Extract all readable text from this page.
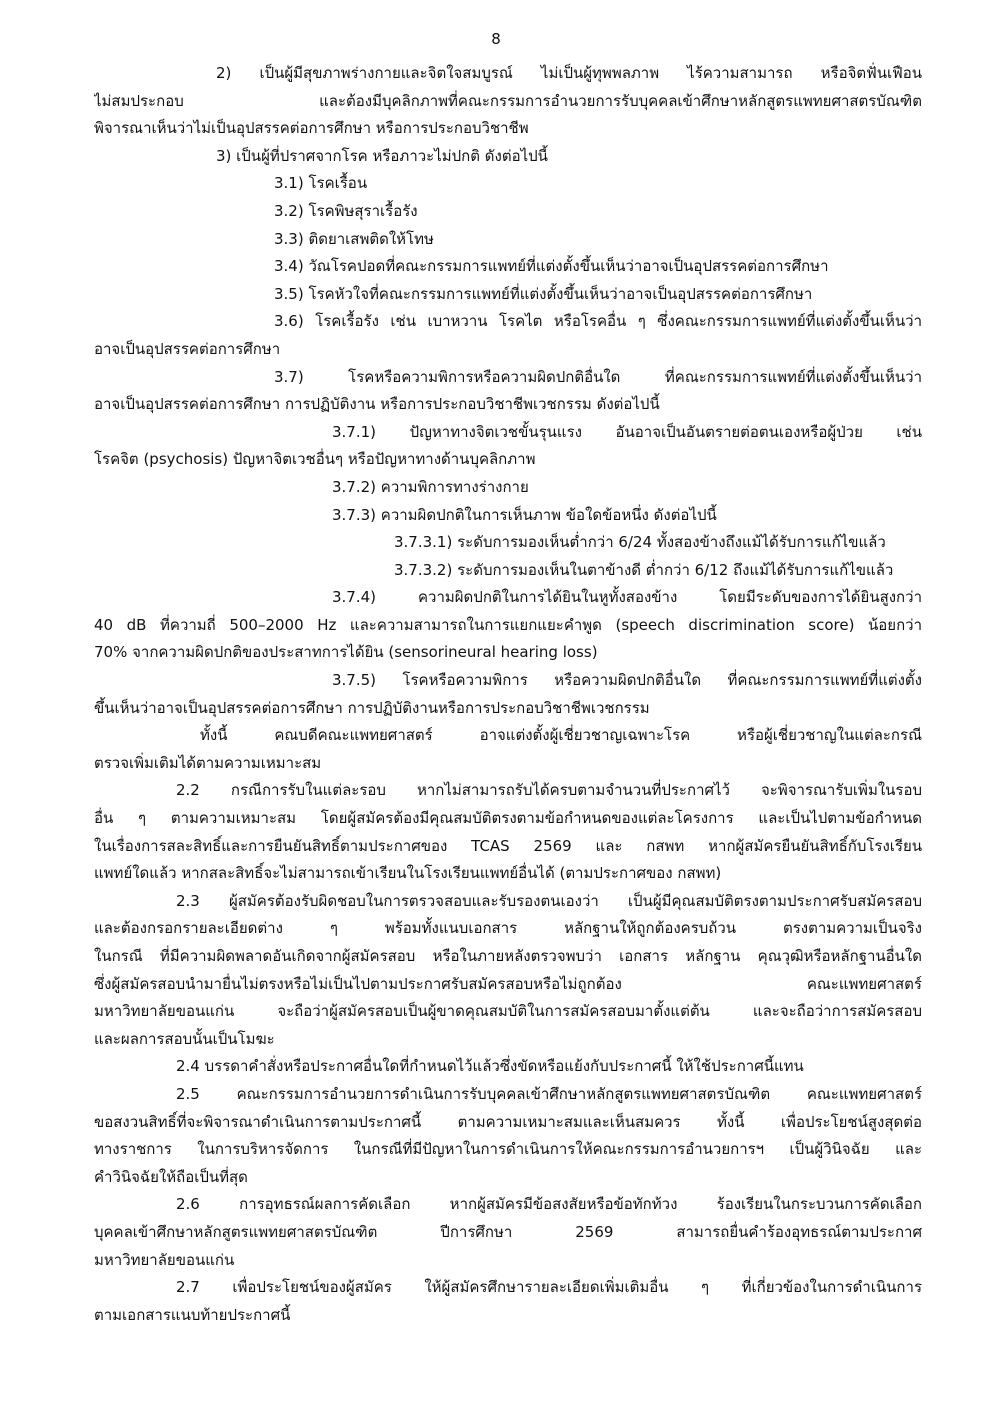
8
2) เป็นผู้มีสุขภาพร่างกายและจิตใจสมบูรณ์ ไม่เป็นผู้ทุพพลภาพ ไร้ความสามารถ หรือจิตฟั่นเฟือน
ไม่สมประกอบ และต้องมีบุคลิกภาพที่คณะกรรมการอำนวยการรับบุคคลเข้าศึกษาหลักสูตรแพทยศาสตรบัณฑิต
พิจารณาเห็นว่าไม่เป็นอุปสรรคต่อการศึกษา หรือการประกอบวิชาชีพ
3) เป็นผู้ที่ปราศจากโรค หรือภาวะไม่ปกติ ดังต่อไปนี้
3.1) โรคเรื้อน
3.2) โรคพิษสุราเรื้อรัง
3.3) ติดยาเสพติดให้โทษ
3.4) วัณโรคปอดที่คณะกรรมการแพทย์ที่แต่งตั้งขึ้นเห็นว่าอาจเป็นอุปสรรคต่อการศึกษา
3.5) โรคหัวใจที่คณะกรรมการแพทย์ที่แต่งตั้งขึ้นเห็นว่าอาจเป็นอุปสรรคต่อการศึกษา
3.6) โรคเรื้อรัง เช่น เบาหวาน โรคไต หรือโรคอื่น ๆ ซึ่งคณะกรรมการแพทย์ที่แต่งตั้งขึ้นเห็นว่า
อาจเป็นอุปสรรคต่อการศึกษา
3.7) โรคหรือความพิการหรือความผิดปกติอื่นใด ที่คณะกรรมการแพทย์ที่แต่งตั้งขึ้นเห็นว่า
อาจเป็นอุปสรรคต่อการศึกษา การปฏิบัติงาน หรือการประกอบวิชาชีพเวชกรรม ดังต่อไปนี้
3.7.1) ปัญหาทางจิตเวชขั้นรุนแรง อันอาจเป็นอันตรายต่อตนเองหรือผู้ป่วย เช่น
โรคจิต (psychosis) ปัญหาจิตเวชอื่นๆ หรือปัญหาทางด้านบุคลิกภาพ
3.7.2) ความพิการทางร่างกาย
3.7.3) ความผิดปกติในการเห็นภาพ ข้อใดข้อหนึ่ง ดังต่อไปนี้
3.7.3.1) ระดับการมองเห็นต่ำกว่า 6/24 ทั้งสองข้างถึงแม้ได้รับการแก้ไขแล้ว
3.7.3.2) ระดับการมองเห็นในตาข้างดี ต่ำกว่า 6/12 ถึงแม้ได้รับการแก้ไขแล้ว
3.7.4) ความผิดปกติในการได้ยินในหูทั้งสองข้าง โดยมีระดับของการได้ยินสูงกว่า
40 dB ที่ความถี่ 500–2000 Hz และความสามารถในการแยกแยะคำพูด (speech discrimination score) น้อยกว่า
70% จากความผิดปกติของประสาทการได้ยิน (sensorineural hearing loss)
3.7.5) โรคหรือความพิการ หรือความผิดปกติอื่นใด ที่คณะกรรมการแพทย์ที่แต่งตั้ง
ขึ้นเห็นว่าอาจเป็นอุปสรรคต่อการศึกษา การปฏิบัติงานหรือการประกอบวิชาชีพเวชกรรม
ทั้งนี้ คณบดีคณะแพทยศาสตร์ อาจแต่งตั้งผู้เชี่ยวชาญเฉพาะโรค หรือผู้เชี่ยวชาญในแต่ละกรณี
ตรวจเพิ่มเติมได้ตามความเหมาะสม
2.2 กรณีการรับในแต่ละรอบ หากไม่สามารถรับได้ครบตามจำนวนที่ประกาศไว้ จะพิจารณารับเพิ่มในรอบ
อื่น ๆ ตามความเหมาะสม โดยผู้สมัครต้องมีคุณสมบัติตรงตามข้อกำหนดของแต่ละโครงการ และเป็นไปตามข้อกำหนด
ในเรื่องการสละสิทธิ์และการยืนยันสิทธิ์ตามประกาศของ TCAS 2569 และ กสพท หากผู้สมัครยืนยันสิทธิ์กับโรงเรียน
แพทย์ใดแล้ว หากสละสิทธิ์จะไม่สามารถเข้าเรียนในโรงเรียนแพทย์อื่นได้ (ตามประกาศของ กสพท)
2.3 ผู้สมัครต้องรับผิดชอบในการตรวจสอบและรับรองตนเองว่า เป็นผู้มีคุณสมบัติตรงตามประกาศรับสมัครสอบ
และต้องกรอกรายละเอียดต่าง ๆ พร้อมทั้งแนบเอกสาร หลักฐานให้ถูกต้องครบถ้วน ตรงตามความเป็นจริง
ในกรณี ที่มีความผิดพลาดอันเกิดจากผู้สมัครสอบ หรือในภายหลังตรวจพบว่า เอกสาร หลักฐาน คุณวุฒิหรือหลักฐานอื่นใด
ซึ่งผู้สมัครสอบนำมายื่นไม่ตรงหรือไม่เป็นไปตามประกาศรับสมัครสอบหรือไม่ถูกต้อง คณะแพทยศาสตร์
มหาวิทยาลัยขอนแก่น จะถือว่าผู้สมัครสอบเป็นผู้ขาดคุณสมบัติในการสมัครสอบมาตั้งแต่ต้น และจะถือว่าการสมัครสอบ
และผลการสอบนั้นเป็นโมฆะ
2.4 บรรดาคำสั่งหรือประกาศอื่นใดที่กำหนดไว้แล้วซึ่งขัดหรือแย้งกับประกาศนี้ ให้ใช้ประกาศนี้แทน
2.5 คณะกรรมการอำนวยการดำเนินการรับบุคคลเข้าศึกษาหลักสูตรแพทยศาสตรบัณฑิต คณะแพทยศาสตร์
ขอสงวนสิทธิ์ที่จะพิจารณาดำเนินการตามประกาศนี้ ตามความเหมาะสมและเห็นสมควร ทั้งนี้ เพื่อประโยชน์สูงสุดต่อ
ทางราชการ ในการบริหารจัดการ ในกรณีที่มีปัญหาในการดำเนินการให้คณะกรรมการอำนวยการฯ เป็นผู้วินิจฉัย และ
คำวินิจฉัยให้ถือเป็นที่สุด
2.6 การอุทธรณ์ผลการคัดเลือก หากผู้สมัครมีข้อสงสัยหรือข้อทักท้วง ร้องเรียนในกระบวนการคัดเลือก
บุคคลเข้าศึกษาหลักสูตรแพทยศาสตรบัณฑิต ปีการศึกษา 2569 สามารถยื่นคำร้องอุทธรณ์ตามประกาศ
มหาวิทยาลัยขอนแก่น
2.7 เพื่อประโยชน์ของผู้สมัคร ให้ผู้สมัครศึกษารายละเอียดเพิ่มเติมอื่น ๆ ที่เกี่ยวข้องในการดำเนินการ
ตามเอกสารแนบท้ายประกาศนี้
